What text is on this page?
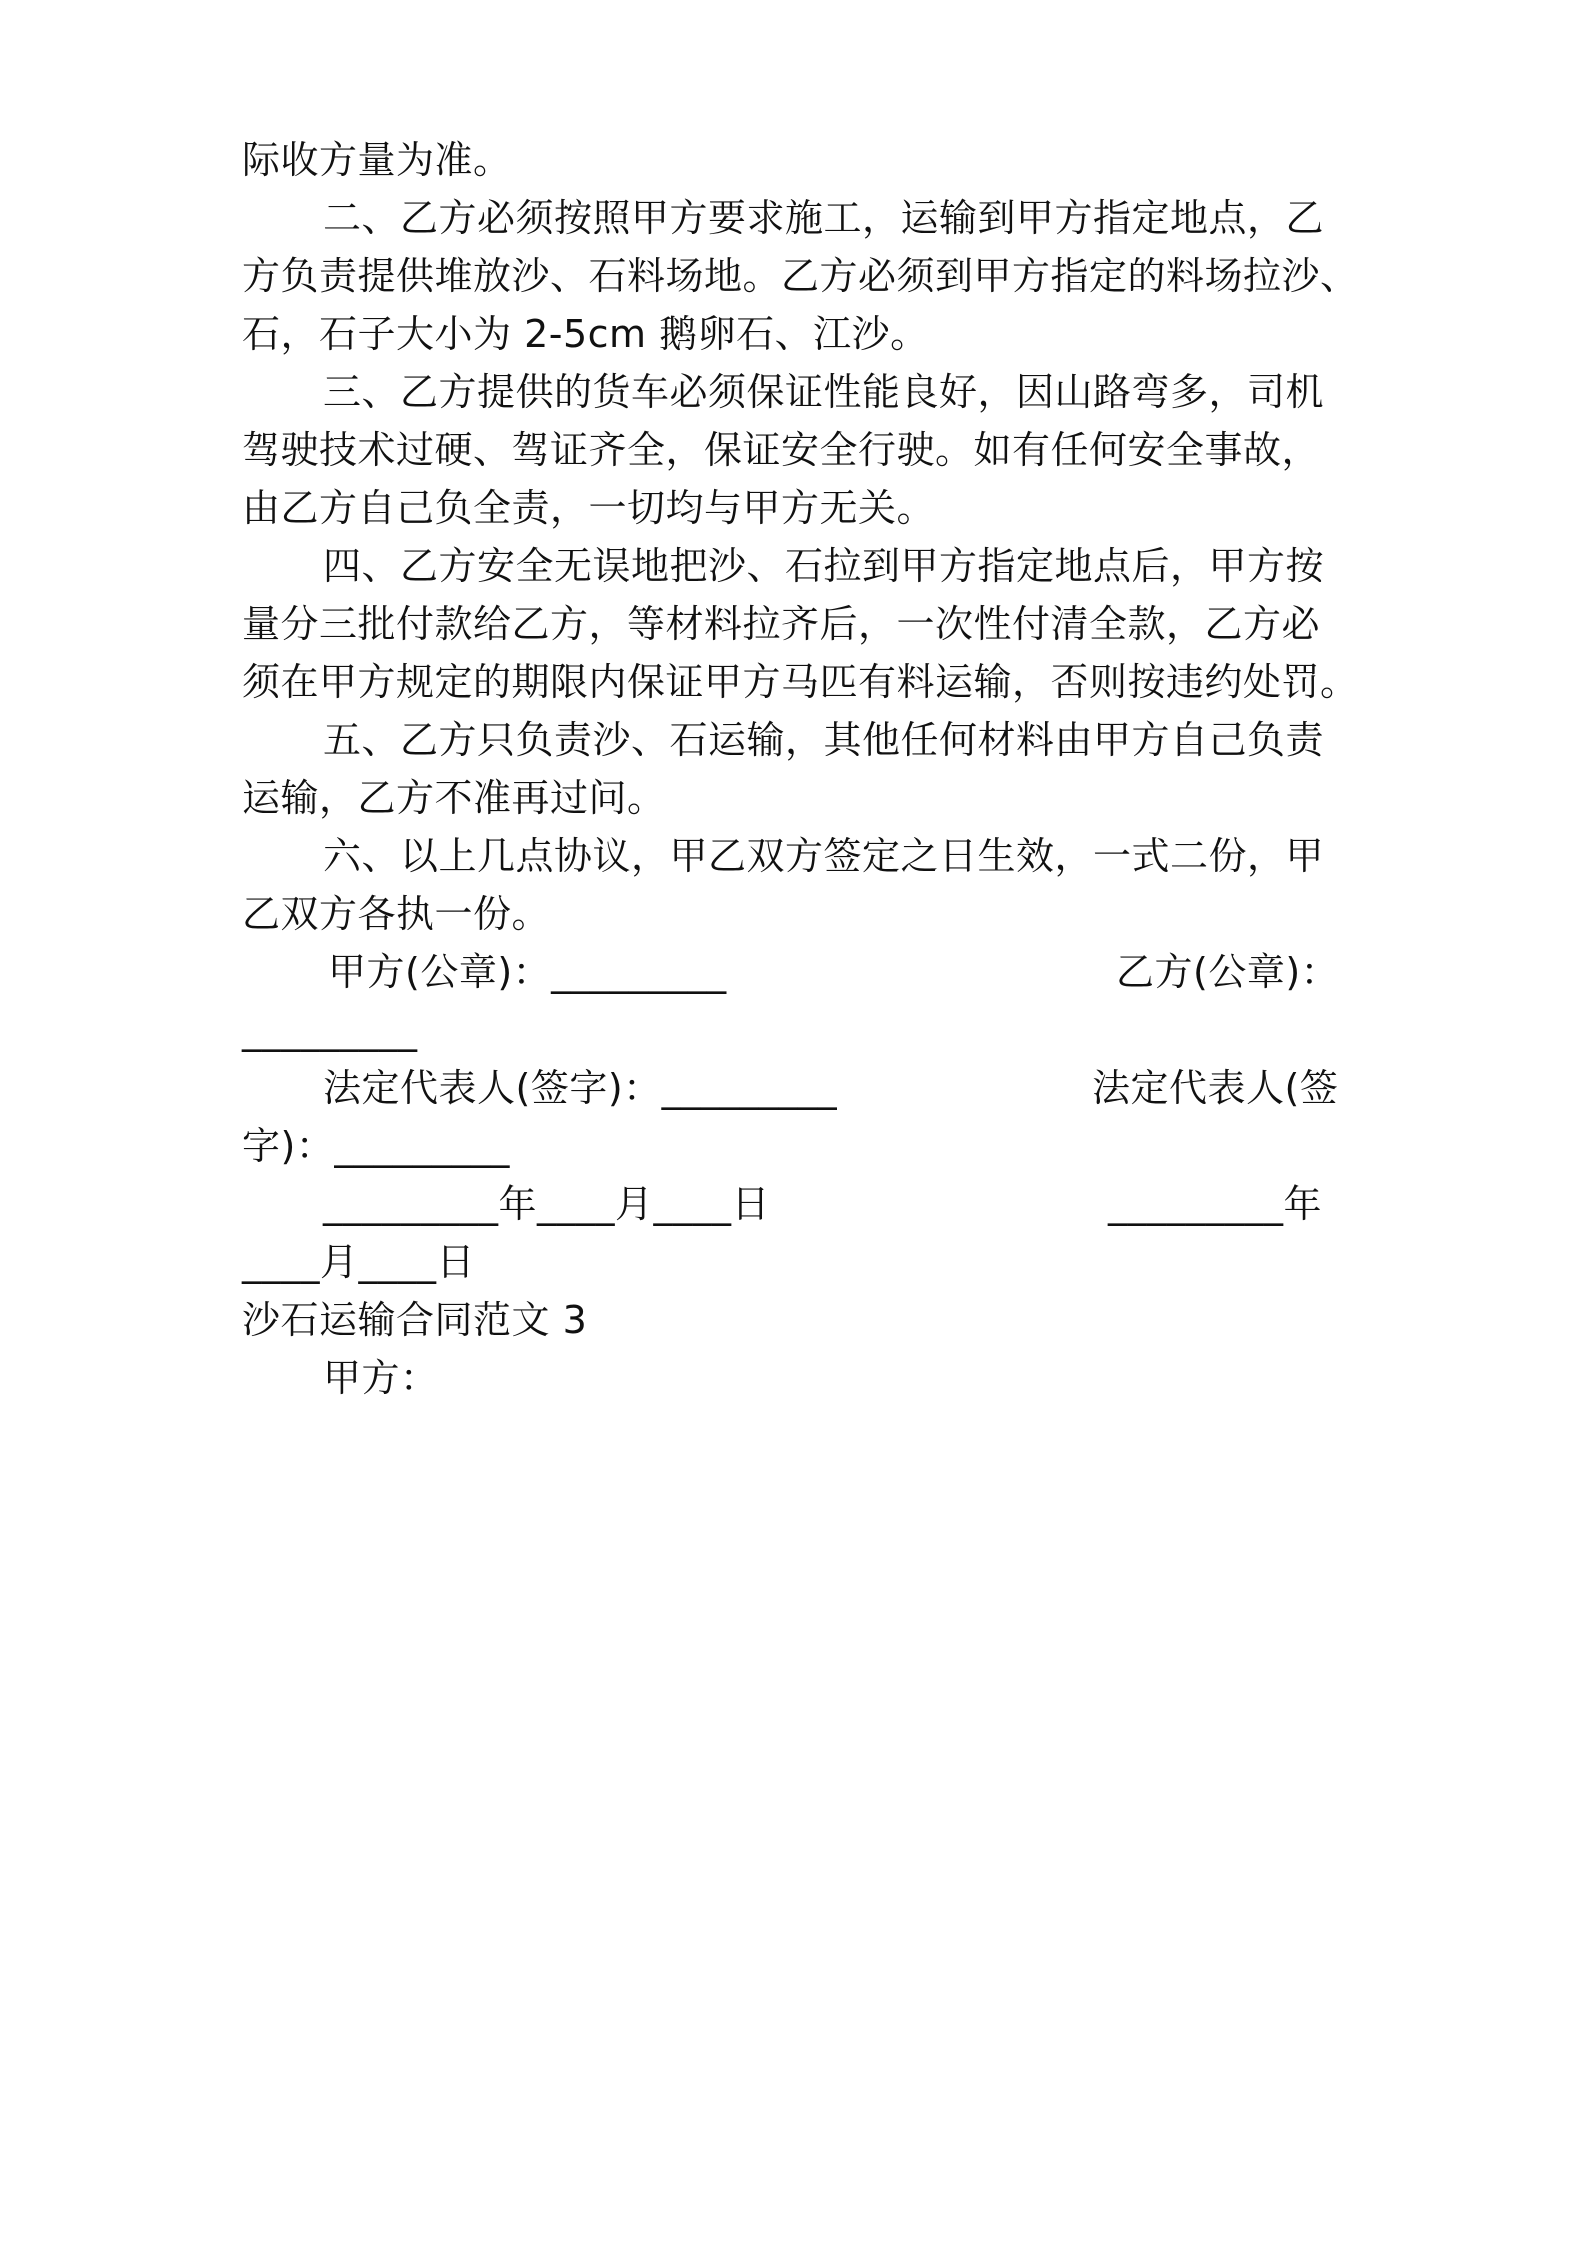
际收方量为准。
二、乙方必须按照甲方要求施工，运输到甲方指定地点，乙
方负责提供堆放沙、石料场地。乙方必须到甲方指定的料场拉沙、
石，石子大小为 2-5cm 鹅卵石、江沙。
三、乙方提供的货车必须保证性能良好，因山路弯多，司机
驾驶技术过硬、驾证齐全，保证安全行驶。如有任何安全事故，
由乙方自己负全责，一切均与甲方无关。
四、乙方安全无误地把沙、石拉到甲方指定地点后，甲方按
量分三批付款给乙方，等材料拉齐后，一次性付清全款，乙方必
须在甲方规定的期限内保证甲方马匹有料运输，否则按违约处罚。
五、乙方只负责沙、石运输，其他任何材料由甲方自己负责
运输，乙方不准再过问。
六、以上几点协议，甲乙双方签定之日生效，一式二份，甲
乙双方各执一份。
甲方(公章)：_________	乙方(公章)：
_________
法定代表人(签字)：_________	法定代表人(签
字)：_________
_________年____月____日	_________年
____月____日
沙石运输合同范文 3
甲方：
